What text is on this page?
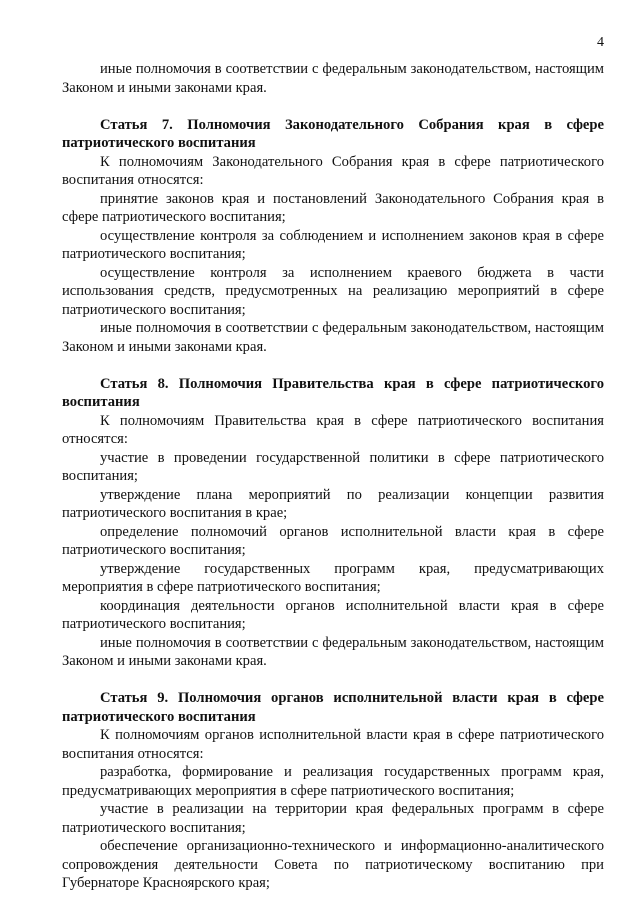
4
иные полномочия в соответствии с федеральным законодательством, настоящим Законом и иными законами края.
Статья 7. Полномочия Законодательного Собрания края в сфере патриотического воспитания
К полномочиям Законодательного Собрания края в сфере патриотического воспитания относятся:
принятие законов края и постановлений Законодательного Собрания края в сфере патриотического воспитания;
осуществление контроля за соблюдением и исполнением законов края в сфере патриотического воспитания;
осуществление контроля за исполнением краевого бюджета в части использования средств, предусмотренных на реализацию мероприятий в сфере патриотического воспитания;
иные полномочия в соответствии с федеральным законодательством, настоящим Законом и иными законами края.
Статья 8. Полномочия Правительства края в сфере патриотического воспитания
К полномочиям Правительства края в сфере патриотического воспитания относятся:
участие в проведении государственной политики в сфере патриотического воспитания;
утверждение плана мероприятий по реализации концепции развития патриотического воспитания в крае;
определение полномочий органов исполнительной власти края в сфере патриотического воспитания;
утверждение государственных программ края, предусматривающих мероприятия в сфере патриотического воспитания;
координация деятельности органов исполнительной власти края в сфере патриотического воспитания;
иные полномочия в соответствии с федеральным законодательством, настоящим Законом и иными законами края.
Статья 9. Полномочия органов исполнительной власти края в сфере патриотического воспитания
К полномочиям органов исполнительной власти края в сфере патриотического воспитания относятся:
разработка, формирование и реализация государственных программ края, предусматривающих мероприятия в сфере патриотического воспитания;
участие в реализации на территории края федеральных программ в сфере патриотического воспитания;
обеспечение организационно-технического и информационно-аналитического сопровождения деятельности Совета по патриотическому воспитанию при Губернаторе Красноярского края;
